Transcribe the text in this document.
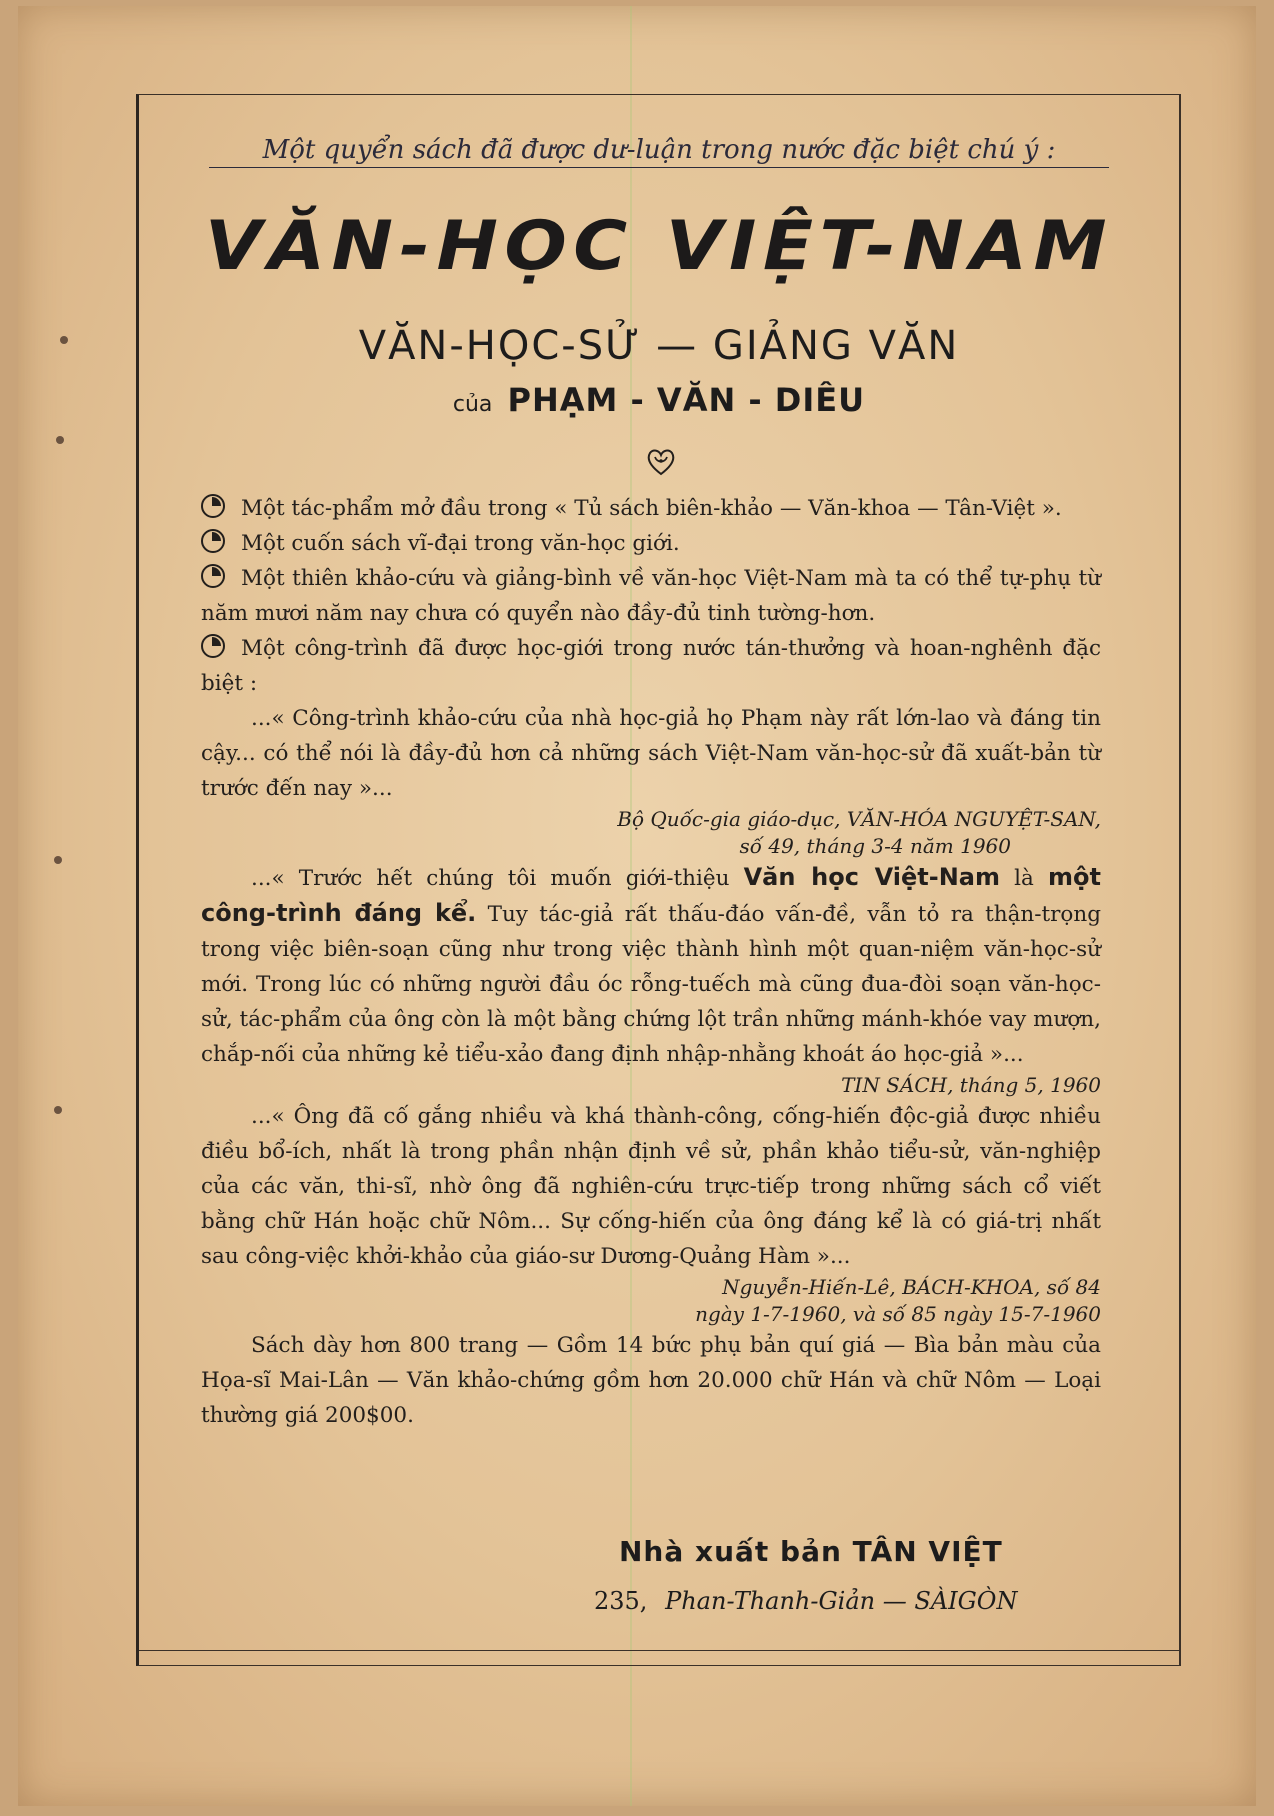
Một quyển sách đã được dư-luận trong nước đặc biệt chú ý :
VĂN-HỌC VIỆT-NAM
VĂN-HỌC-SỬ — GIẢNG VĂN
của PHẠM - VĂN - DIÊU

Một tác-phẩm mở đầu trong « Tủ sách biên-khảo — Văn-khoa — Tân-Việt ».

Một cuốn sách vĩ-đại trong văn-học giới.

Một thiên khảo-cứu và giảng-bình về văn-học Việt-Nam mà ta có thể tự-phụ từ năm mươi năm nay chưa có quyển nào đầy-đủ tinh tường-hơn.

Một công-trình đã được học-giới trong nước tán-thưởng và hoan-nghênh đặc biệt :

...« Công-trình khảo-cứu của nhà học-giả họ Phạm này rất lớn-lao và đáng tin cậy... có thể nói là đầy-đủ hơn cả những sách Việt-Nam văn-học-sử đã xuất-bản từ trước đến nay »...

Bộ Quốc-gia giáo-dục, VĂN-HÓA NGUYỆT-SAN,

số 49, tháng 3-4 năm 1960

...« Trước hết chúng tôi muốn giới-thiệu Văn học Việt-Nam là một công-trình đáng kể. Tuy tác-giả rất thấu-đáo vấn-đề, vẫn tỏ ra thận-trọng trong việc biên-soạn cũng như trong việc thành hình một quan-niệm văn-học-sử mới. Trong lúc có những người đầu óc rỗng-tuếch mà cũng đua-đòi soạn văn-học-sử, tác-phẩm của ông còn là một bằng chứng lột trần những mánh-khóe vay mượn, chắp-nối của những kẻ tiểu-xảo đang định nhập-nhằng khoát áo học-giả »...

TIN SÁCH, tháng 5, 1960

...« Ông đã cố gắng nhiều và khá thành-công, cống-hiến độc-giả được nhiều điều bổ-ích, nhất là trong phần nhận định về sử, phần khảo tiểu-sử, văn-nghiệp của các văn, thi-sĩ, nhờ ông đã nghiên-cứu trực-tiếp trong những sách cổ viết bằng chữ Hán hoặc chữ Nôm... Sự cống-hiến của ông đáng kể là có giá-trị nhất sau công-việc khởi-khảo của giáo-sư Dương-Quảng Hàm »...

Nguyễn-Hiến-Lê, BÁCH-KHOA, số 84

ngày 1-7-1960, và số 85 ngày 15-7-1960

Sách dày hơn 800 trang — Gồm 14 bức phụ bản quí giá — Bìa bản màu của Họa-sĩ Mai-Lân — Văn khảo-chứng gồm hơn 20.000 chữ Hán và chữ Nôm — Loại thường giá 200$00.

Nhà xuất bản TÂN VIỆT
235, Phan-Thanh-Giản — SÀIGÒN
